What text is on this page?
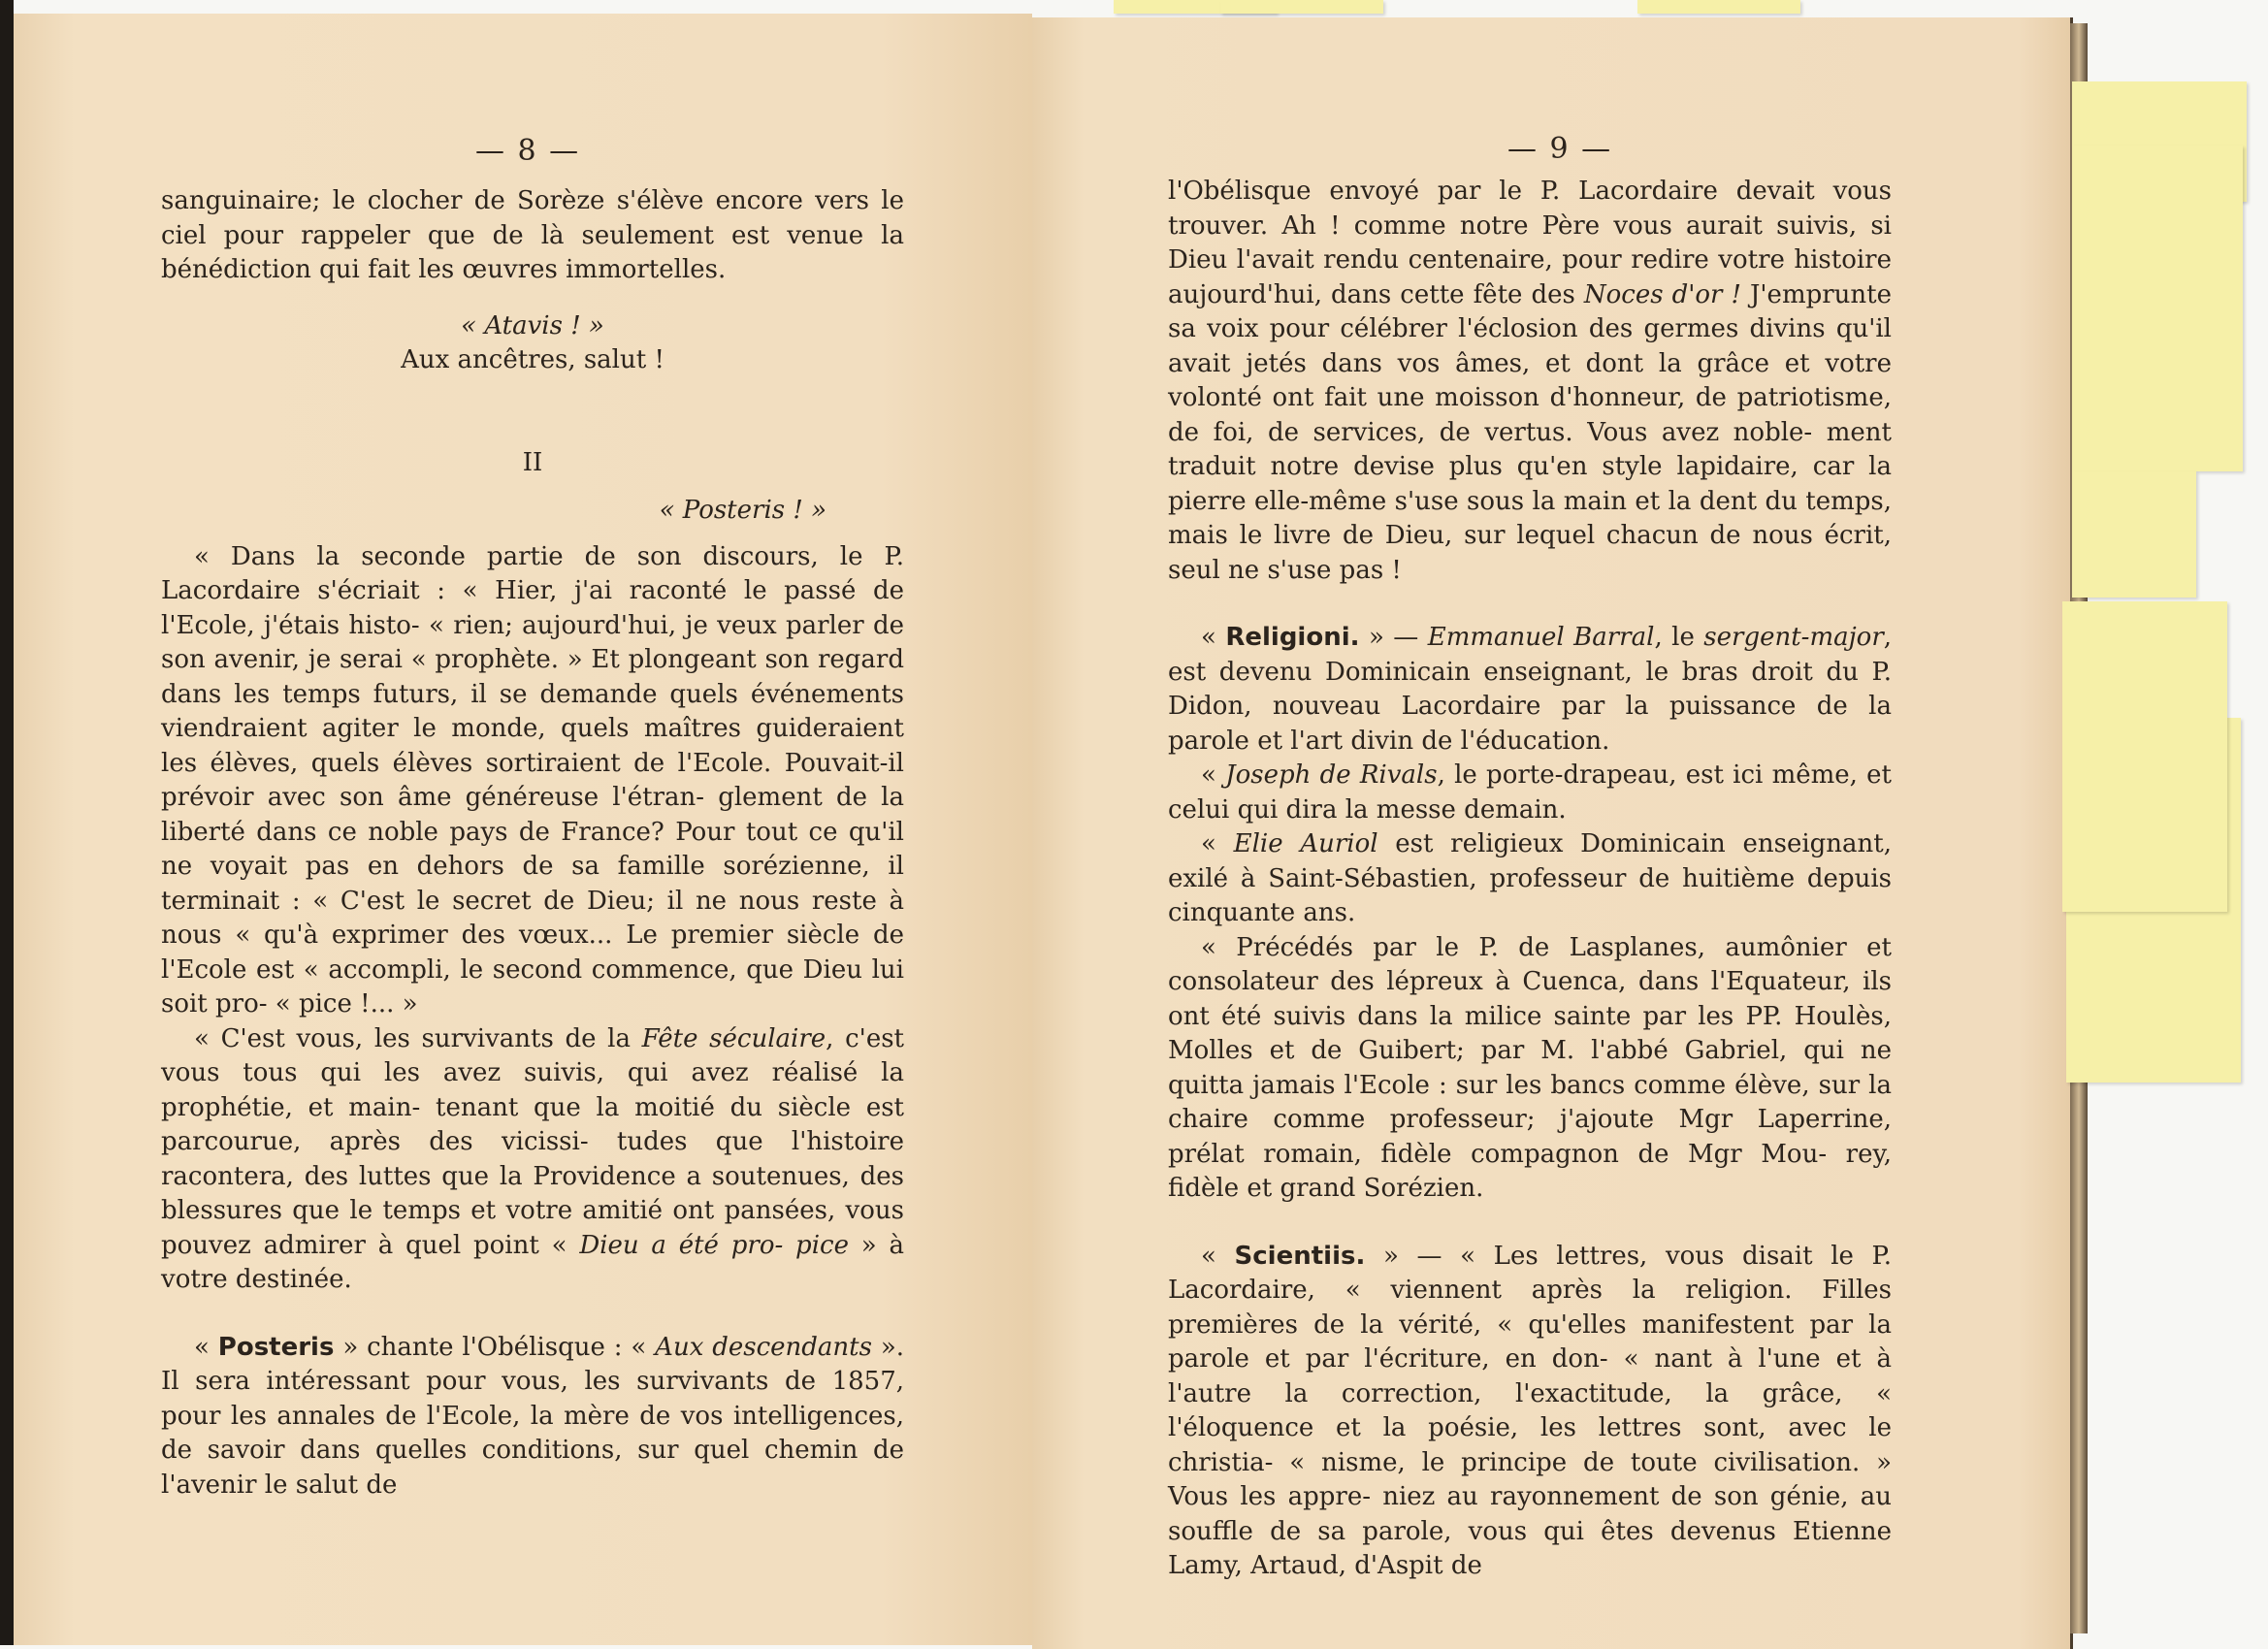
— 8 —

sanguinaire; le clocher de Sorèze s'élève encore vers le ciel pour rappeler que de là seulement est venue la bénédiction qui fait les œuvres immortelles.

« Atavis ! »

Aux ancêtres, salut !

II

« Posteris ! »

« Dans la seconde partie de son discours, le P. Lacordaire s'écriait : « Hier, j'ai raconté le passé de l'Ecole, j'étais histo- « rien; aujourd'hui, je veux parler de son avenir, je serai « prophète. » Et plongeant son regard dans les temps futurs, il se demande quels événements viendraient agiter le monde, quels maîtres guideraient les élèves, quels élèves sortiraient de l'Ecole. Pouvait-il prévoir avec son âme généreuse l'étran- glement de la liberté dans ce noble pays de France? Pour tout ce qu'il ne voyait pas en dehors de sa famille sorézienne, il terminait : « C'est le secret de Dieu; il ne nous reste à nous « qu'à exprimer des vœux... Le premier siècle de l'Ecole est « accompli, le second commence, que Dieu lui soit pro- « pice !... »

« C'est vous, les survivants de la Fête séculaire, c'est vous tous qui les avez suivis, qui avez réalisé la prophétie, et main- tenant que la moitié du siècle est parcourue, après des vicissi- tudes que l'histoire racontera, des luttes que la Providence a soutenues, des blessures que le temps et votre amitié ont pansées, vous pouvez admirer à quel point « Dieu a été pro- pice » à votre destinée.

« Posteris » chante l'Obélisque : « Aux descendants ». Il sera intéressant pour vous, les survivants de 1857, pour les annales de l'Ecole, la mère de vos intelligences, de savoir dans quelles conditions, sur quel chemin de l'avenir le salut de

— 9 —

l'Obélisque envoyé par le P. Lacordaire devait vous trouver. Ah ! comme notre Père vous aurait suivis, si Dieu l'avait rendu centenaire, pour redire votre histoire aujourd'hui, dans cette fête des Noces d'or ! J'emprunte sa voix pour célébrer l'éclosion des germes divins qu'il avait jetés dans vos âmes, et dont la grâce et votre volonté ont fait une moisson d'honneur, de patriotisme, de foi, de services, de vertus. Vous avez noble- ment traduit notre devise plus qu'en style lapidaire, car la pierre elle-même s'use sous la main et la dent du temps, mais le livre de Dieu, sur lequel chacun de nous écrit, seul ne s'use pas !

« Religioni. » — Emmanuel Barral, le sergent-major, est devenu Dominicain enseignant, le bras droit du P. Didon, nouveau Lacordaire par la puissance de la parole et l'art divin de l'éducation.

« Joseph de Rivals, le porte-drapeau, est ici même, et celui qui dira la messe demain.

« Elie Auriol est religieux Dominicain enseignant, exilé à Saint-Sébastien, professeur de huitième depuis cinquante ans.

« Précédés par le P. de Lasplanes, aumônier et consolateur des lépreux à Cuenca, dans l'Equateur, ils ont été suivis dans la milice sainte par les PP. Houlès, Molles et de Guibert; par M. l'abbé Gabriel, qui ne quitta jamais l'Ecole : sur les bancs comme élève, sur la chaire comme professeur; j'ajoute Mgr Laperrine, prélat romain, fidèle compagnon de Mgr Mou- rey, fidèle et grand Sorézien.

« Scientiis. » — « Les lettres, vous disait le P. Lacordaire, « viennent après la religion. Filles premières de la vérité, « qu'elles manifestent par la parole et par l'écriture, en don- « nant à l'une et à l'autre la correction, l'exactitude, la grâce, « l'éloquence et la poésie, les lettres sont, avec le christia- « nisme, le principe de toute civilisation. » Vous les appre- niez au rayonnement de son génie, au souffle de sa parole, vous qui êtes devenus Etienne Lamy, Artaud, d'Aspit de
